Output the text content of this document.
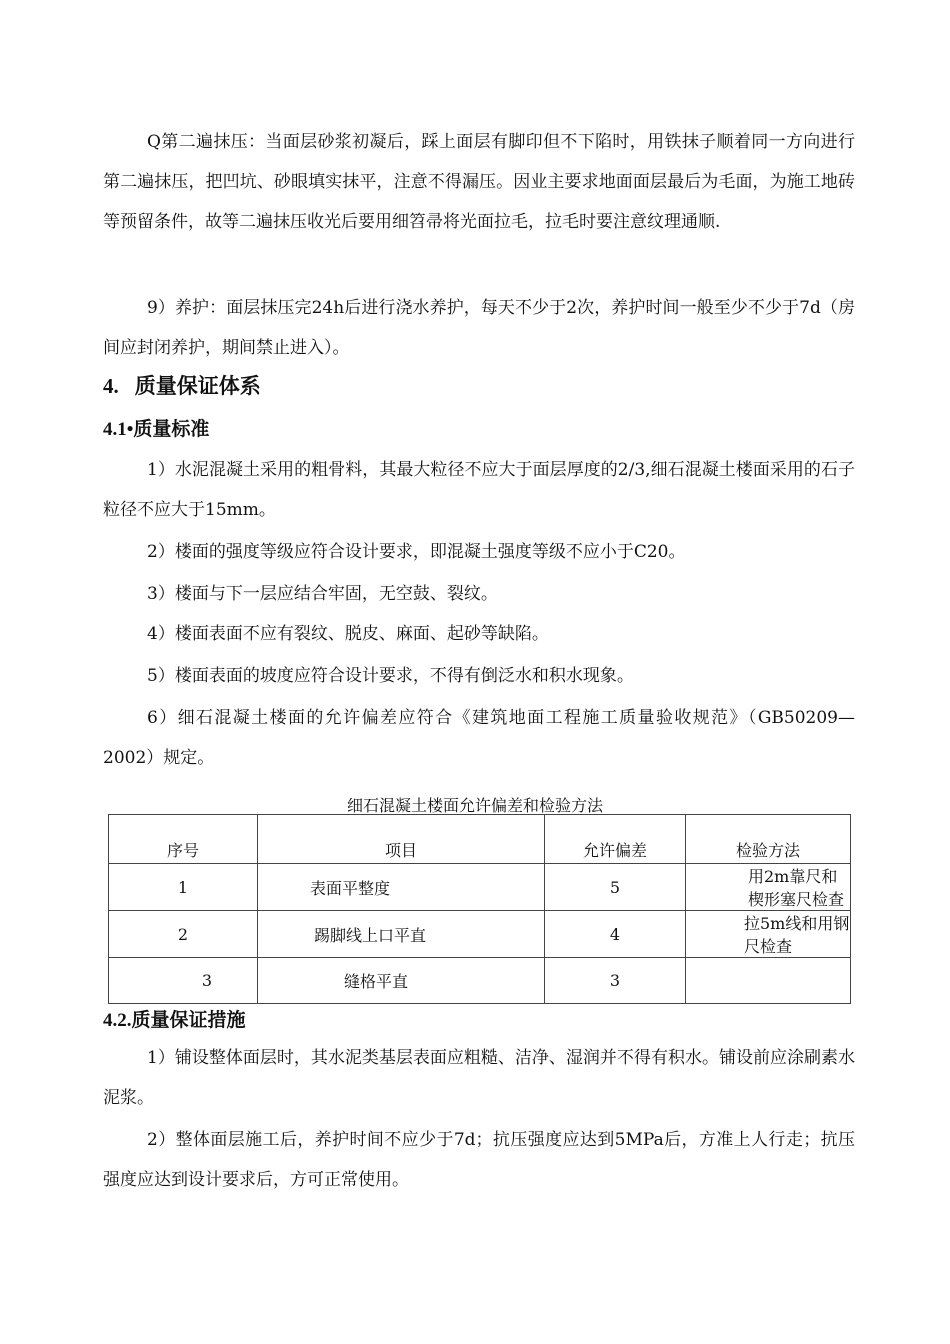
Q第二遍抹压：当面层砂浆初凝后，踩上面层有脚印但不下陷时，用铁抹子顺着同一方向进行第二遍抹压，把凹坑、砂眼填实抹平，注意不得漏压。因业主要求地面面层最后为毛面，为施工地砖等预留条件，故等二遍抹压收光后要用细笤帚将光面拉毛，拉毛时要注意纹理通顺.

9）养护：面层抹压完24h后进行浇水养护，每天不少于2次，养护时间一般至少不少于7d（房间应封闭养护，期间禁止进入）。

4. 质量保证体系
4.1•质量标准

1）水泥混凝土采用的粗骨料，其最大粒径不应大于面层厚度的2/3,细石混凝土楼面采用的石子粒径不应大于15mm。

2）楼面的强度等级应符合设计要求，即混凝土强度等级不应小于C20。

3）楼面与下一层应结合牢固，无空鼓、裂纹。

4）楼面表面不应有裂纹、脱皮、麻面、起砂等缺陷。

5）楼面表面的坡度应符合设计要求，不得有倒泛水和积水现象。

6）细石混凝土楼面的允许偏差应符合《建筑地面工程施工质量验收规范》（GB50209—2002）规定。

细石混凝土楼面允许偏差和检验方法
序号	项目	允许偏差	检验方法
1	表面平整度	5	用2m靠尺和楔形塞尺检查
2	踢脚线上口平直	4	拉5m线和用钢尺检查
3	缝格平直	3	
4.2.质量保证措施

1）铺设整体面层时，其水泥类基层表面应粗糙、洁净、湿润并不得有积水。铺设前应涂刷素水泥浆。

2）整体面层施工后，养护时间不应少于7d；抗压强度应达到5MPa后，方准上人行走；抗压强度应达到设计要求后，方可正常使用。
